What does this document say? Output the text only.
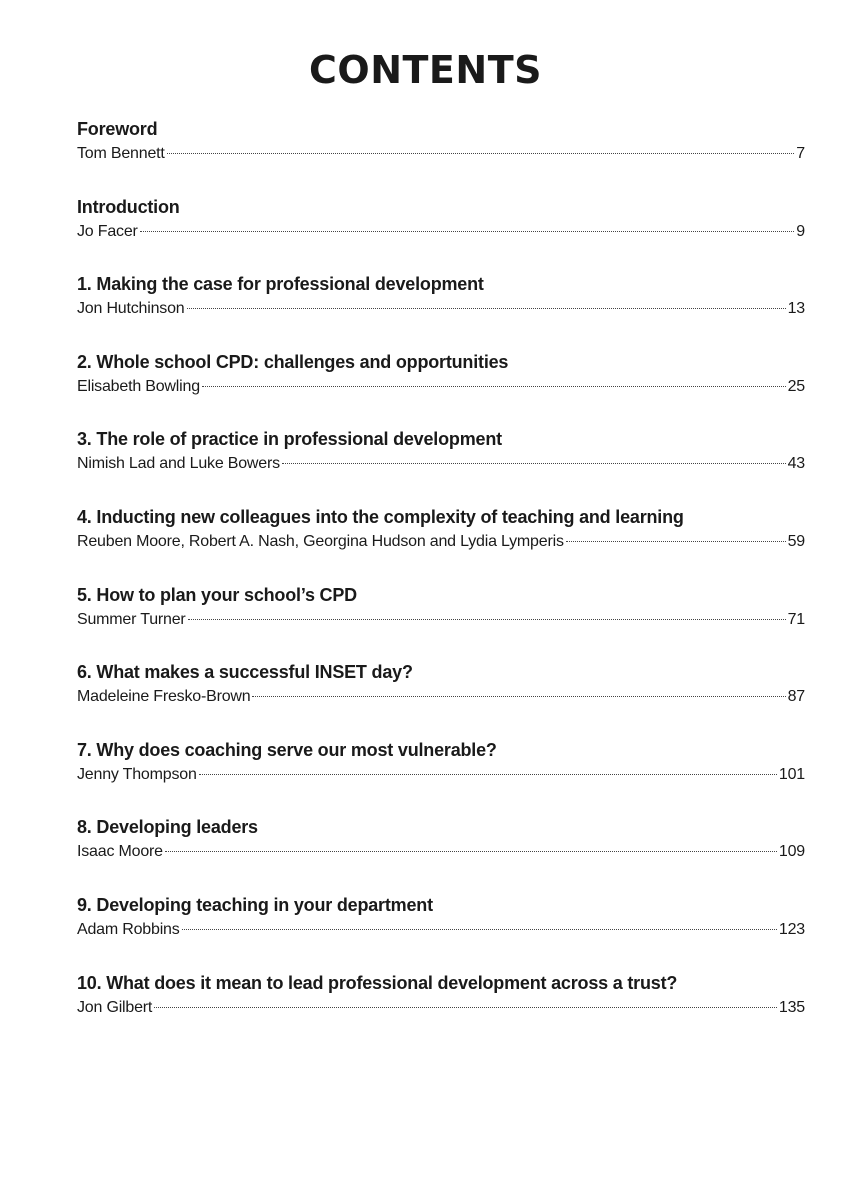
CONTENTS
Foreword
Tom Bennett	7
Introduction
Jo Facer	9
1. Making the case for professional development
Jon Hutchinson	13
2. Whole school CPD: challenges and opportunities
Elisabeth Bowling	25
3. The role of practice in professional development
Nimish Lad and Luke Bowers	43
4. Inducting new colleagues into the complexity of teaching and learning
Reuben Moore, Robert A. Nash, Georgina Hudson and Lydia Lymperis	59
5. How to plan your school’s CPD
Summer Turner	71
6. What makes a successful INSET day?
Madeleine Fresko-Brown	87
7. Why does coaching serve our most vulnerable?
Jenny Thompson	101
8. Developing leaders
Isaac Moore	109
9. Developing teaching in your department
Adam Robbins	123
10. What does it mean to lead professional development across a trust?
Jon Gilbert	135
